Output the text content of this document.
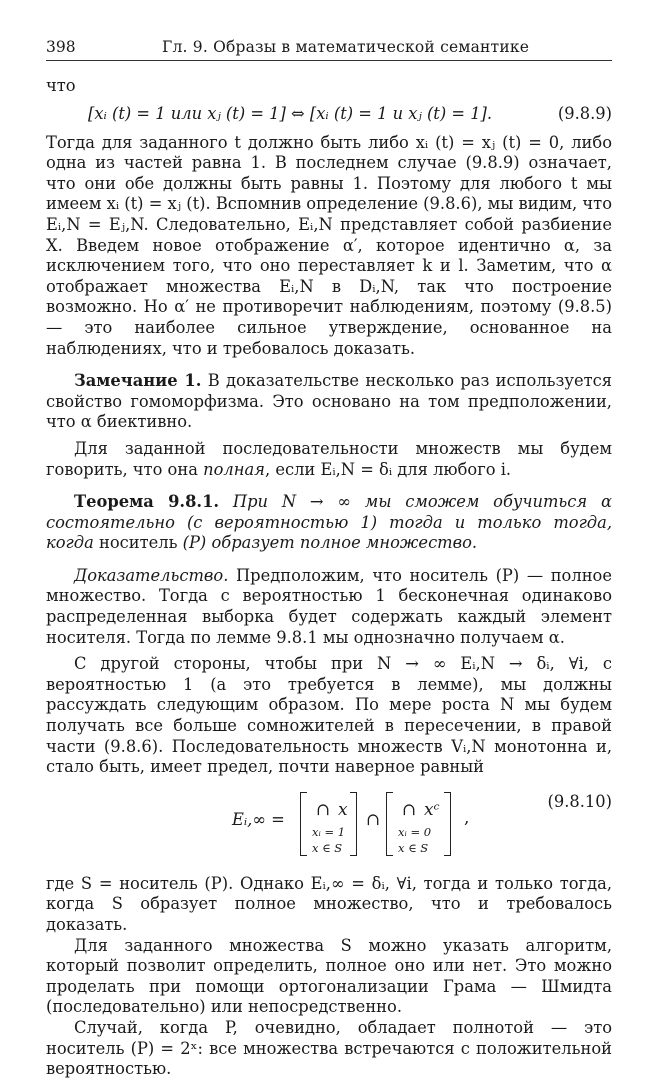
398	Гл. 9. Образы в математической семантике

что

[xᵢ (t) = 1 или xⱼ (t) = 1] ⇔ [xᵢ (t) = 1 и xⱼ (t) = 1].	(9.8.9)

Тогда для заданного t должно быть либо xᵢ (t) = xⱼ (t) = 0, либо одна из частей равна 1. В последнем случае (9.8.9) означает, что они обе должны быть равны 1. Поэтому для любого t мы имеем xᵢ (t) = xⱼ (t). Вспомнив определение (9.8.6), мы видим, что Eᵢ,N = Eⱼ,N. Следовательно, Eᵢ,N представляет собой разбиение X. Введем новое отображение α′, которое идентично α, за исключением того, что оно переставляет k и l. Заметим, что α отображает множества Eᵢ,N в Dᵢ,N, так что построение возможно. Но α′ не противоречит наблюдениям, поэтому (9.8.5) — это наиболее сильное утверждение, основанное на наблюдениях, что и требовалось доказать.

Замечание 1. В доказательстве несколько раз используется свойство гомоморфизма. Это основано на том предположении, что α биективно.

Для заданной последовательности множеств мы будем говорить, что она полная, если Eᵢ,N = δᵢ для любого i.

Теорема 9.8.1. При N → ∞ мы сможем обучиться α состоятельно (с вероятностью 1) тогда и только тогда, когда носитель (P) образует полное множество.

Доказательство. Предположим, что носитель (P) — полное множество. Тогда с вероятностью 1 бесконечная одинаково распределенная выборка будет содержать каждый элемент носителя. Тогда по лемме 9.8.1 мы однозначно получаем α.

С другой стороны, чтобы при N → ∞ Eᵢ,N → δᵢ, ∀i, с вероятностью 1 (а это требуется в лемме), мы должны рассуждать следующим образом. По мере роста N мы будем получать все больше сомножителей в пересечении, в правой части (9.8.6). Последовательность множеств Vᵢ,N монотонна и, стало быть, имеет предел, почти наверное равный

Eᵢ,∞ = ∩ x
xᵢ = 1
x ∈ S
∩ ∩ xᶜ
xᵢ = 0
x ∈ S
,
(9.8.10)

где S = носитель (P). Однако Eᵢ,∞ = δᵢ, ∀i, тогда и только тогда, когда S образует полное множество, что и требовалось доказать.

Для заданного множества S можно указать алгоритм, который позволит определить, полное оно или нет. Это можно проделать при помощи ортогонализации Грама — Шмидта (последовательно) или непосредственно.

Случай, когда P, очевидно, обладает полнотой — это носитель (P) = 2ˣ: все множества встречаются с положительной вероятностью.
